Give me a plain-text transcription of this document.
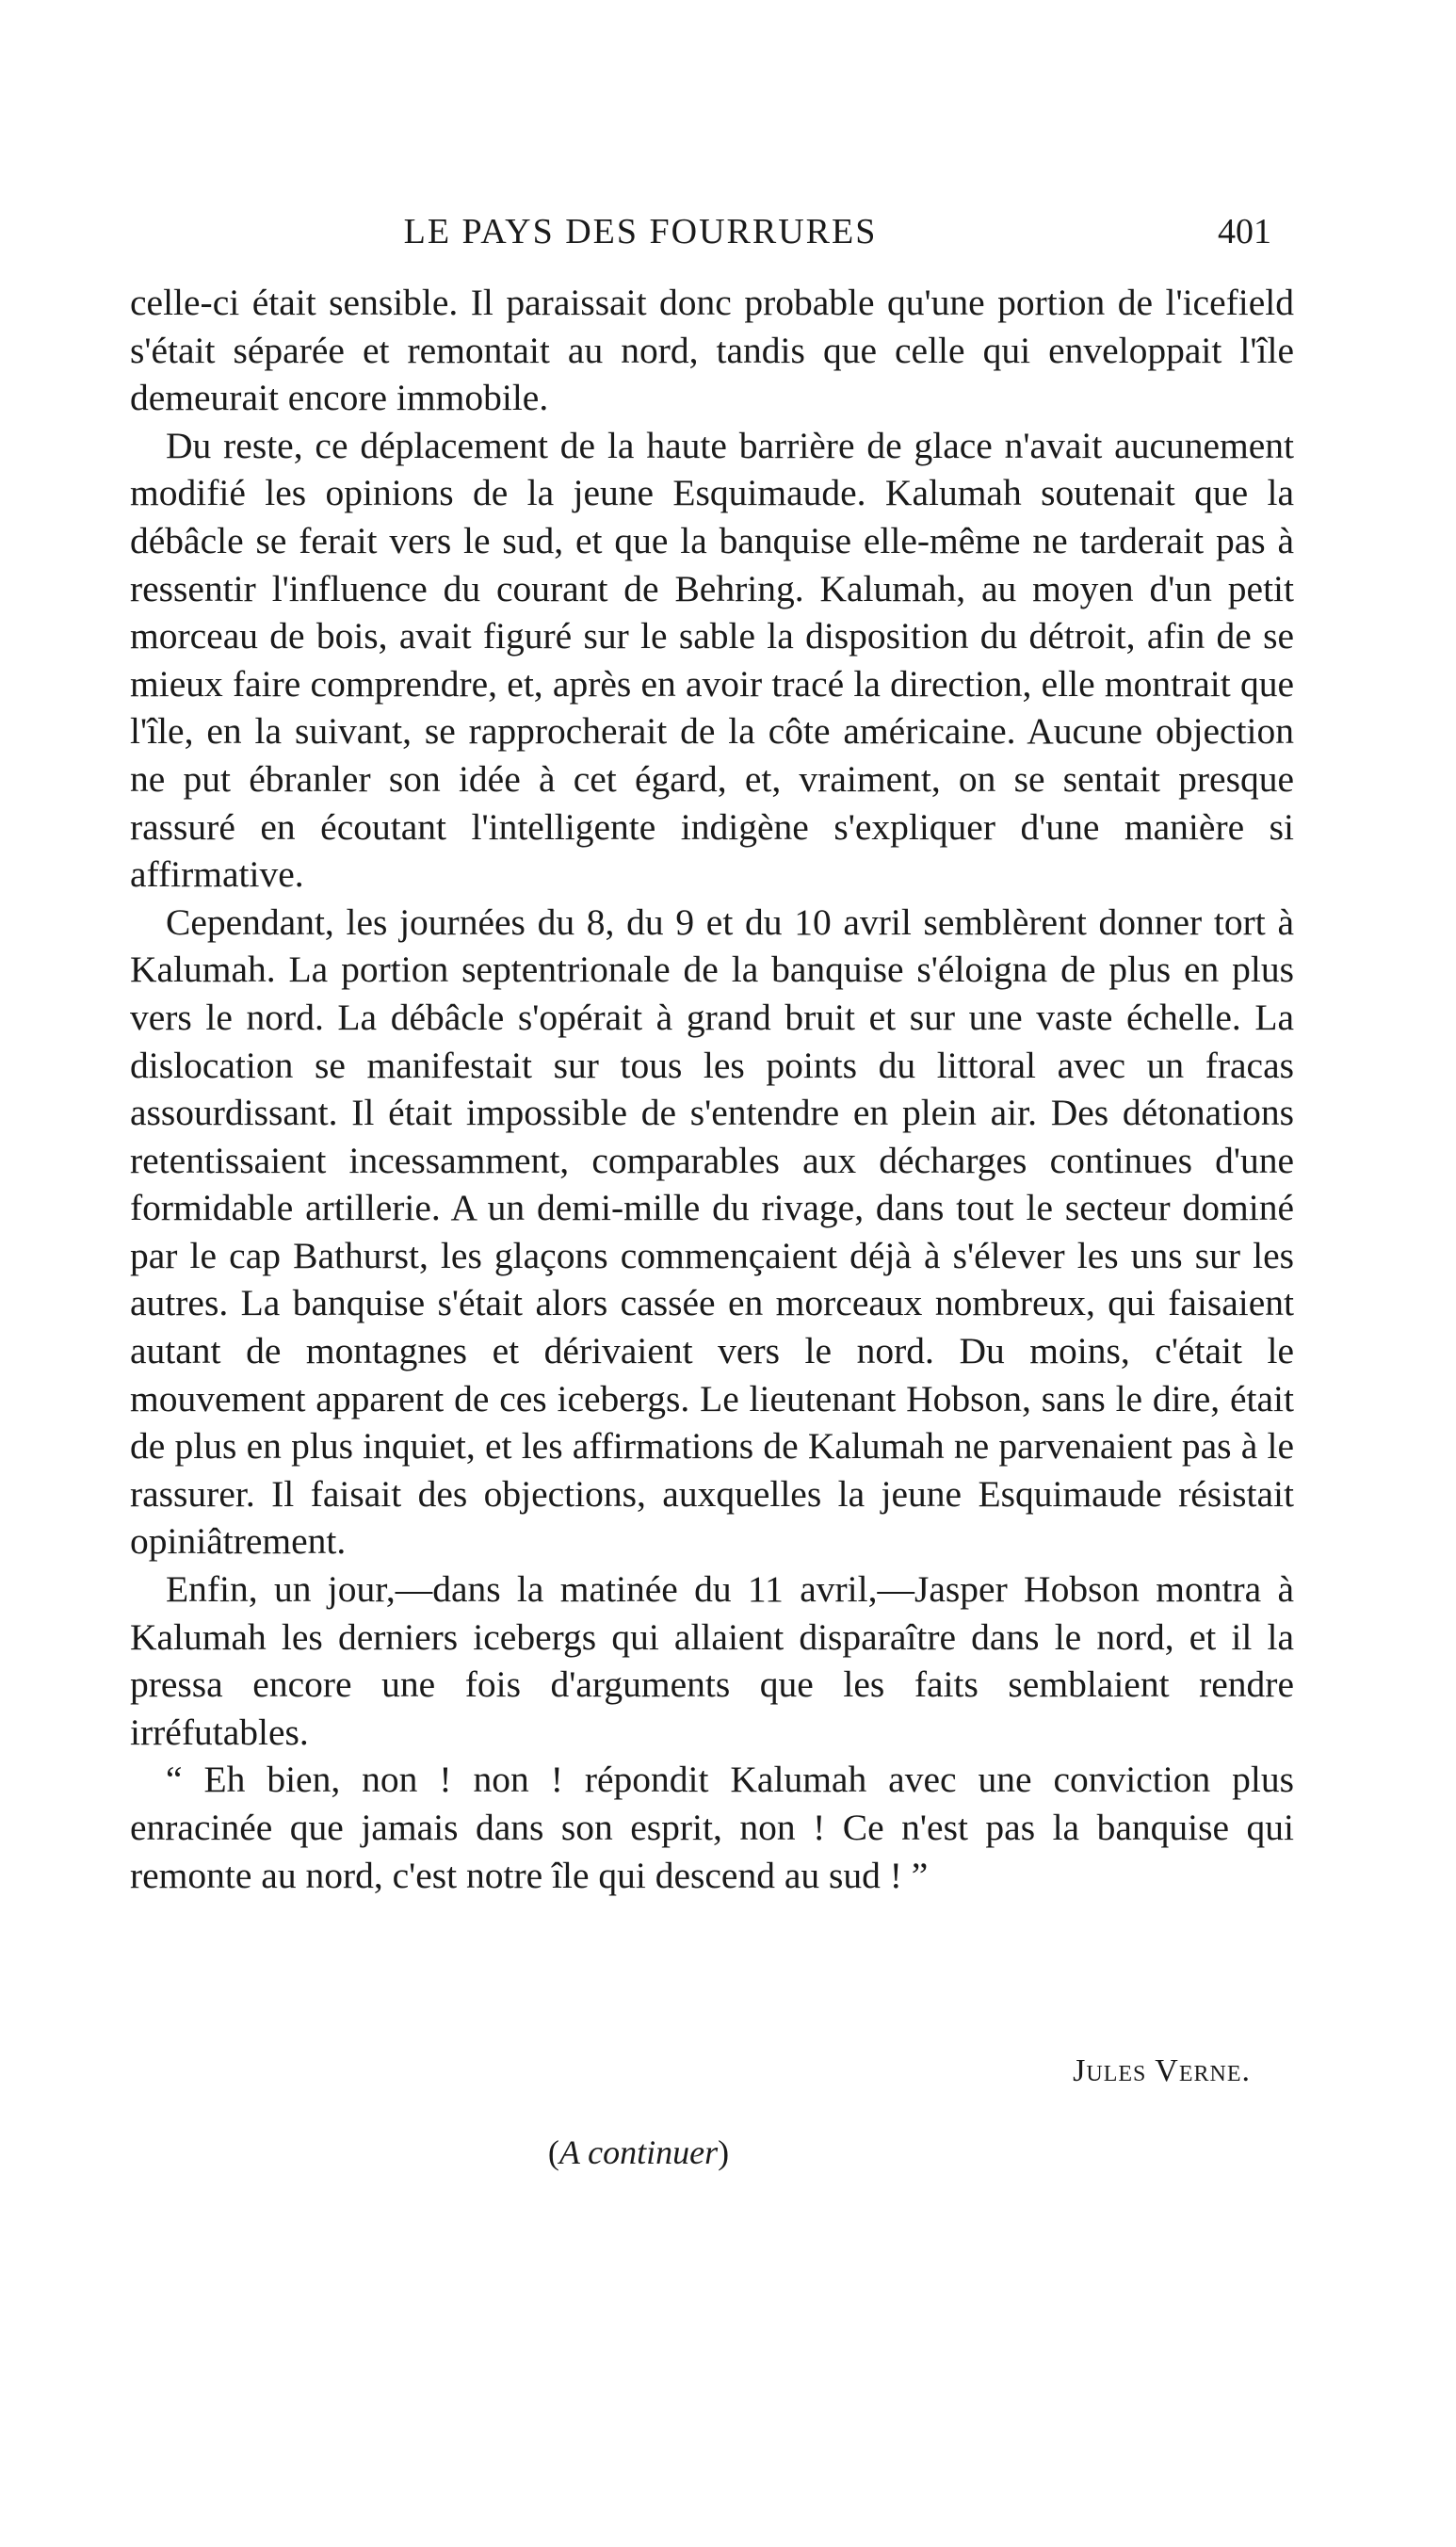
LE PAYS DES FOURRURES	401

celle-ci était sensible. Il paraissait donc probable qu'une portion de l'icefield s'était séparée et remontait au nord, tandis que celle qui enveloppait l'île demeurait encore immobile.

Du reste, ce déplacement de la haute barrière de glace n'avait aucunement modifié les opinions de la jeune Esquimaude. Kalumah soutenait que la débâcle se ferait vers le sud, et que la banquise elle-même ne tarderait pas à ressentir l'influence du courant de Behring. Kalumah, au moyen d'un petit morceau de bois, avait figuré sur le sable la disposition du détroit, afin de se mieux faire comprendre, et, après en avoir tracé la direction, elle montrait que l'île, en la suivant, se rapprocherait de la côte américaine. Aucune objection ne put ébranler son idée à cet égard, et, vraiment, on se sentait presque rassuré en écoutant l'intelligente indigène s'expliquer d'une manière si affirmative.

Cependant, les journées du 8, du 9 et du 10 avril semblèrent donner tort à Kalumah. La portion septentrionale de la banquise s'éloigna de plus en plus vers le nord. La débâcle s'opérait à grand bruit et sur une vaste échelle. La dislocation se manifestait sur tous les points du littoral avec un fracas assourdissant. Il était impossible de s'entendre en plein air. Des détonations retentissaient incessamment, comparables aux décharges continues d'une formidable artillerie. A un demi-mille du rivage, dans tout le secteur dominé par le cap Bathurst, les glaçons commençaient déjà à s'élever les uns sur les autres. La banquise s'était alors cassée en morceaux nombreux, qui faisaient autant de montagnes et dérivaient vers le nord. Du moins, c'était le mouvement apparent de ces icebergs. Le lieutenant Hobson, sans le dire, était de plus en plus inquiet, et les affirmations de Kalumah ne parvenaient pas à le rassurer. Il faisait des objections, auxquelles la jeune Esquimaude résistait opiniâtrement.

Enfin, un jour,—dans la matinée du 11 avril,—Jasper Hobson montra à Kalumah les derniers icebergs qui allaient disparaître dans le nord, et il la pressa encore une fois d'arguments que les faits semblaient rendre irréfutables.

“ Eh bien, non ! non ! répondit Kalumah avec une conviction plus enracinée que jamais dans son esprit, non ! Ce n'est pas la banquise qui remonte au nord, c'est notre île qui descend au sud ! ”

Jules Verne.
(A continuer)
